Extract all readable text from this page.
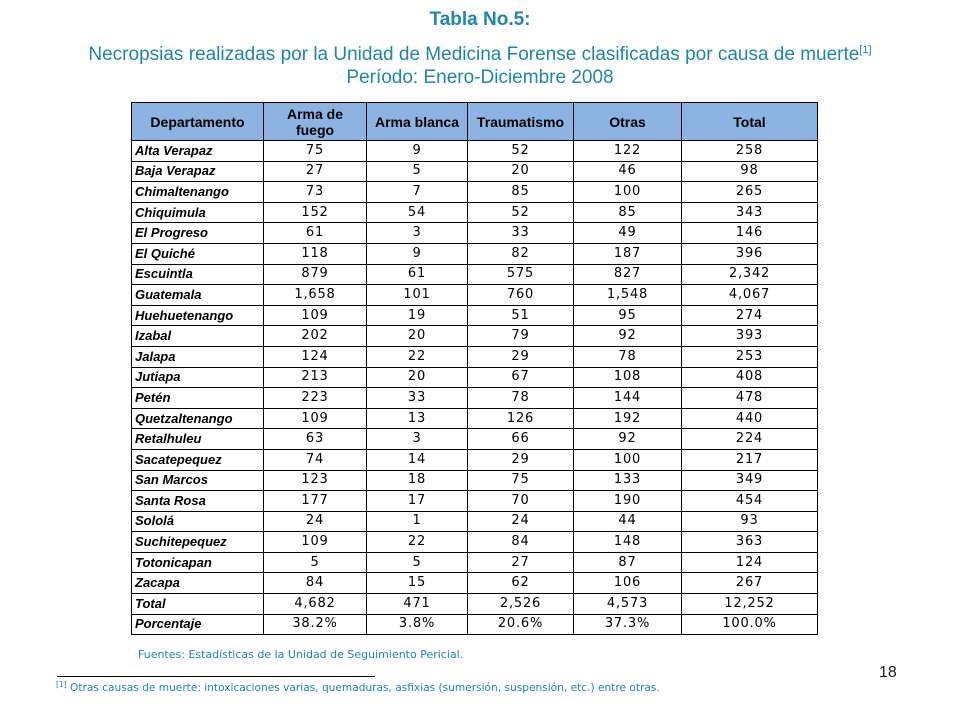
Tabla No.5:
Necropsias realizadas por la Unidad de Medicina Forense clasificadas por causa de muerte[1]
Período: Enero-Diciembre 2008
Departamento	Arma de fuego	Arma blanca	Traumatismo	Otras	Total
Alta Verapaz	75	9	52	122	258
Baja Verapaz	27	5	20	46	98
Chimaltenango	73	7	85	100	265
Chiquimula	152	54	52	85	343
El Progreso	61	3	33	49	146
El Quiché	118	9	82	187	396
Escuintla	879	61	575	827	2,342
Guatemala	1,658	101	760	1,548	4,067
Huehuetenango	109	19	51	95	274
Izabal	202	20	79	92	393
Jalapa	124	22	29	78	253
Jutiapa	213	20	67	108	408
Petén	223	33	78	144	478
Quetzaltenango	109	13	126	192	440
Retalhuleu	63	3	66	92	224
Sacatepequez	74	14	29	100	217
San Marcos	123	18	75	133	349
Santa Rosa	177	17	70	190	454
Sololá	24	1	24	44	93
Suchitepequez	109	22	84	148	363
Totonicapan	5	5	27	87	124
Zacapa	84	15	62	106	267
Total	4,682	471	2,526	4,573	12,252
Porcentaje	38.2%	3.8%	20.6%	37.3%	100.0%
Fuentes: Estadísticas de la Unidad de Seguimiento Pericial.
18
[1] Otras causas de muerte: intoxicaciones varias, quemaduras, asfixias (sumersión, suspensión, etc.) entre otras.
